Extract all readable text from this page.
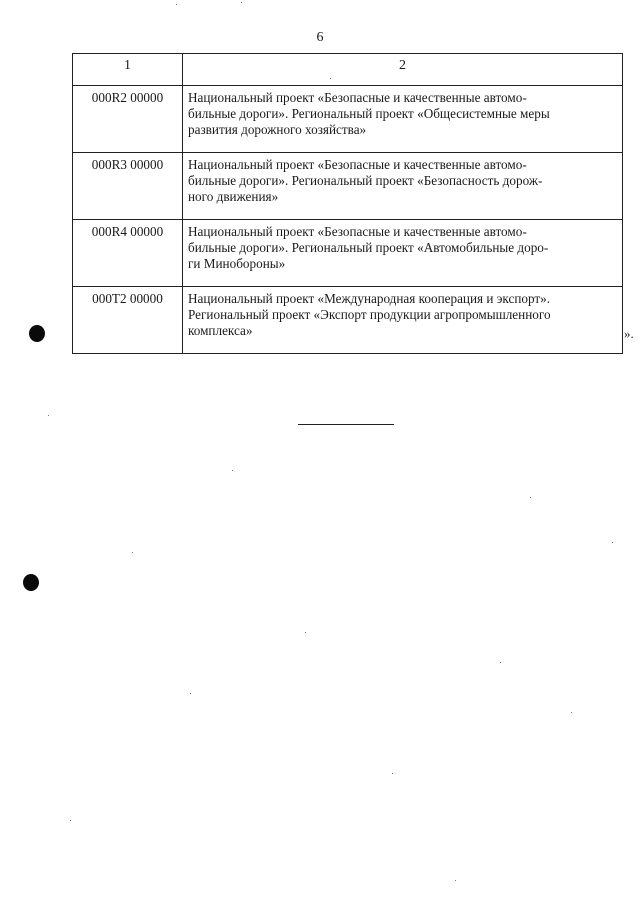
6
1	2
000R2 00000	Национальный проект «Безопасные и качественные автомо-
бильные дороги». Региональный проект «Общесистемные меры
развития дорожного хозяйства»

000R3 00000	Национальный проект «Безопасные и качественные автомо-
бильные дороги». Региональный проект «Безопасность дорож-
ного движения»

000R4 00000	Национальный проект «Безопасные и качественные автомо-
бильные дороги». Региональный проект «Автомобильные доро-
ги Минобороны»

000T2 00000	Национальный проект «Международная кооперация и экспорт».
Региональный проект «Экспорт продукции агропромышленного
комплекса»	».
